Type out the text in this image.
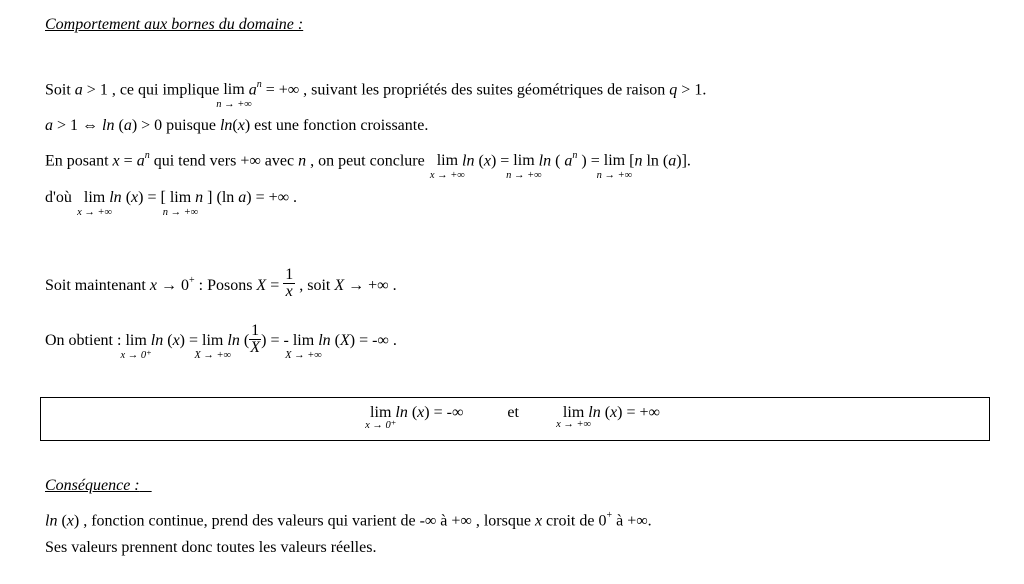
Comportement aux bornes du domaine :
Soit a > 1 , ce qui implique lim
n → +∞
$a^n$ = +∞ , suivant les propriétés des suites géométriques de raison q > 1.
a > 1 ⇔ ln (a) > 0 puisque ln(x) est une fonction croissante.
En posant $x = a^n$ qui tend vers +∞ avec n , on peut conclure   lim
x → +∞
ln (x) = lim
n → +∞
ln ( $a^n$ ) = lim
n → +∞
[n ln (a)].
d'où   lim
x → +∞
ln (x) = [ lim
n → +∞
n ] (ln a) = +∞ .
Soit maintenant x → 0+ : Posons $X = \frac{1}{x}$ , soit X → +∞ .
On obtient : lim
x → 0⁺
ln (x) = lim
X → +∞
ln ( $\frac{1}{X}$ ) = - lim
X → +∞
ln (X) = -∞ .
lim
x → 0⁺
ln (x) = -∞	et	lim
x → +∞
ln (x) = +∞
Conséquence :
ln (x) , fonction continue, prend des valeurs qui varient de -∞ à +∞ , lorsque x croit de 0+ à +∞.
Ses valeurs prennent donc toutes les valeurs réelles.
